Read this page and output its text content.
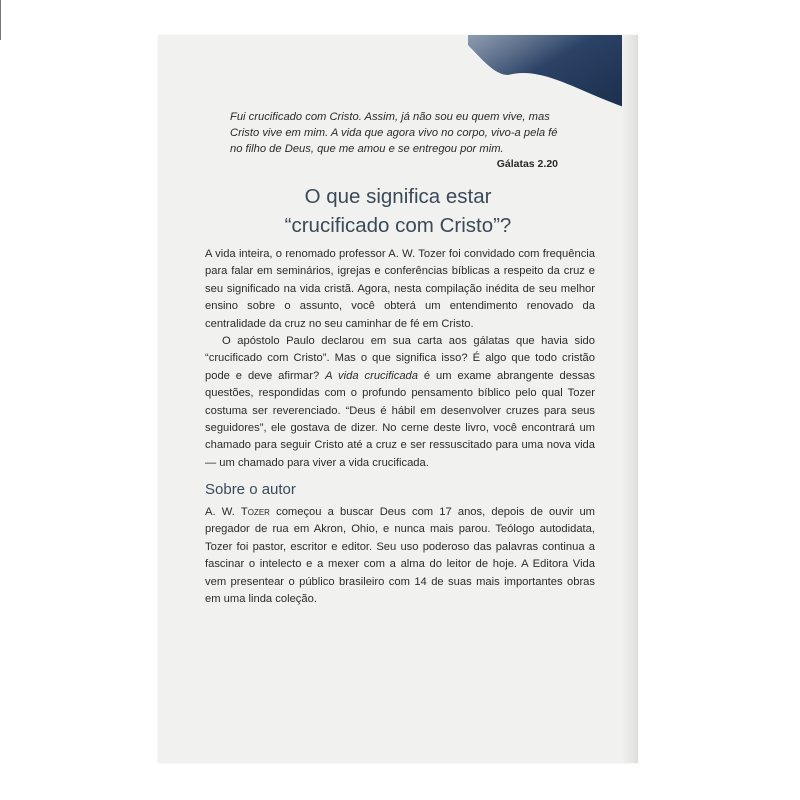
Fui crucificado com Cristo. Assim, já não sou eu quem vive, mas Cristo vive em mim. A vida que agora vivo no corpo, vivo-a pela fé no filho de Deus, que me amou e se entregou por mim.
Gálatas 2.20
O que significa estar
“crucificado com Cristo”?

A vida inteira, o renomado professor A. W. Tozer foi convidado com frequência para falar em seminários, igrejas e conferências bíblicas a respeito da cruz e seu significado na vida cristã. Agora, nesta compilação inédita de seu melhor ensino sobre o assunto, você obterá um entendimento renovado da centralidade da cruz no seu caminhar de fé em Cristo.

O apóstolo Paulo declarou em sua carta aos gálatas que havia sido “crucificado com Cristo”. Mas o que significa isso? É algo que todo cristão pode e deve afirmar? A vida crucificada é um exame abrangente dessas questões, respondidas com o profundo pensamento bíblico pelo qual Tozer costuma ser reverenciado. “Deus é hábil em desenvolver cruzes para seus seguidores”, ele gostava de dizer. No cerne deste livro, você encontrará um chamado para seguir Cristo até a cruz e ser ressuscitado para uma nova vida — um chamado para viver a vida crucificada.

Sobre o autor

A. W. Tozer começou a buscar Deus com 17 anos, depois de ouvir um pregador de rua em Akron, Ohio, e nunca mais parou. Teólogo autodidata, Tozer foi pastor, escritor e editor. Seu uso poderoso das palavras continua a fascinar o intelecto e a mexer com a alma do leitor de hoje. A Editora Vida vem presentear o público brasileiro com 14 de suas mais importantes obras em uma linda coleção.
